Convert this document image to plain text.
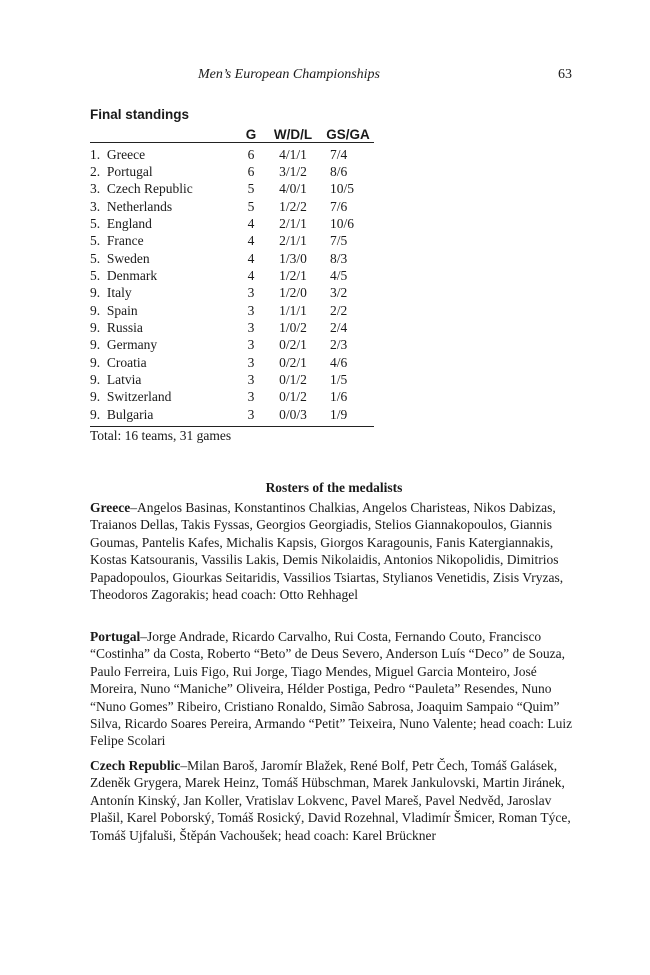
Men’s European Championships	63
Final standings
	G	W/D/L	GS/GA
1.  Greece	6	4/1/1	7/4
2.  Portugal	6	3/1/2	8/6
3.  Czech Republic	5	4/0/1	10/5
3.  Netherlands	5	1/2/2	7/6
5.  England	4	2/1/1	10/6
5.  France	4	2/1/1	7/5
5.  Sweden	4	1/3/0	8/3
5.  Denmark	4	1/2/1	4/5
9.  Italy	3	1/2/0	3/2
9.  Spain	3	1/1/1	2/2
9.  Russia	3	1/0/2	2/4
9.  Germany	3	0/2/1	2/3
9.  Croatia	3	0/2/1	4/6
9.  Latvia	3	0/1/2	1/5
9.  Switzerland	3	0/1/2	1/6
9.  Bulgaria	3	0/0/3	1/9
Total: 16 teams, 31 games
Rosters of the medalists

Greece–Angelos Basinas, Konstantinos Chalkias, Angelos Charisteas, Nikos Dabizas, Traianos Dellas, Takis Fyssas, Georgios Georgiadis, Stelios Giannakopoulos, Giannis Goumas, Pantelis Kafes, Michalis Kapsis, Giorgos Karagounis, Fanis Katergiannakis, Kostas Katsouranis, Vassilis Lakis, Demis Nikolaidis, Antonios Nikopolidis, Dimitrios Papadopoulos, Giourkas Seitaridis, Vassilios Tsiartas, Stylianos Venetidis, Zisis Vryzas, Theodoros Zagorakis; head coach: Otto Rehhagel

Portugal–Jorge Andrade, Ricardo Carvalho, Rui Costa, Fernando Couto, Francisco “Costinha” da Costa, Roberto “Beto” de Deus Severo, Anderson Luís “Deco” de Souza, Paulo Ferreira, Luis Figo, Rui Jorge, Tiago Mendes, Miguel Garcia Monteiro, José Moreira, Nuno “Maniche” Oliveira, Hélder Postiga, Pedro “Pauleta” Resendes, Nuno “Nuno Gomes” Ribeiro, Cristiano Ronaldo, Simão Sabrosa, Joaquim Sampaio “Quim” Silva, Ricardo Soares Pereira, Armando “Petit” Teixeira, Nuno Valente; head coach: Luiz Felipe Scolari

Czech Republic–Milan Baroš, Jaromír Blažek, René Bolf, Petr Čech, Tomáš Galásek, Zdeněk Grygera, Marek Heinz, Tomáš Hübschman, Marek Jankulovski, Martin Jiránek, Antonín Kinský, Jan Koller, Vratislav Lokvenc, Pavel Mareš, Pavel Nedvěd, Jaroslav Plašil, Karel Poborský, Tomáš Rosický, David Rozehnal, Vladimír Šmicer, Roman Týce, Tomáš Ujfaluši, Štěpán Vachoušek; head coach: Karel Brückner
